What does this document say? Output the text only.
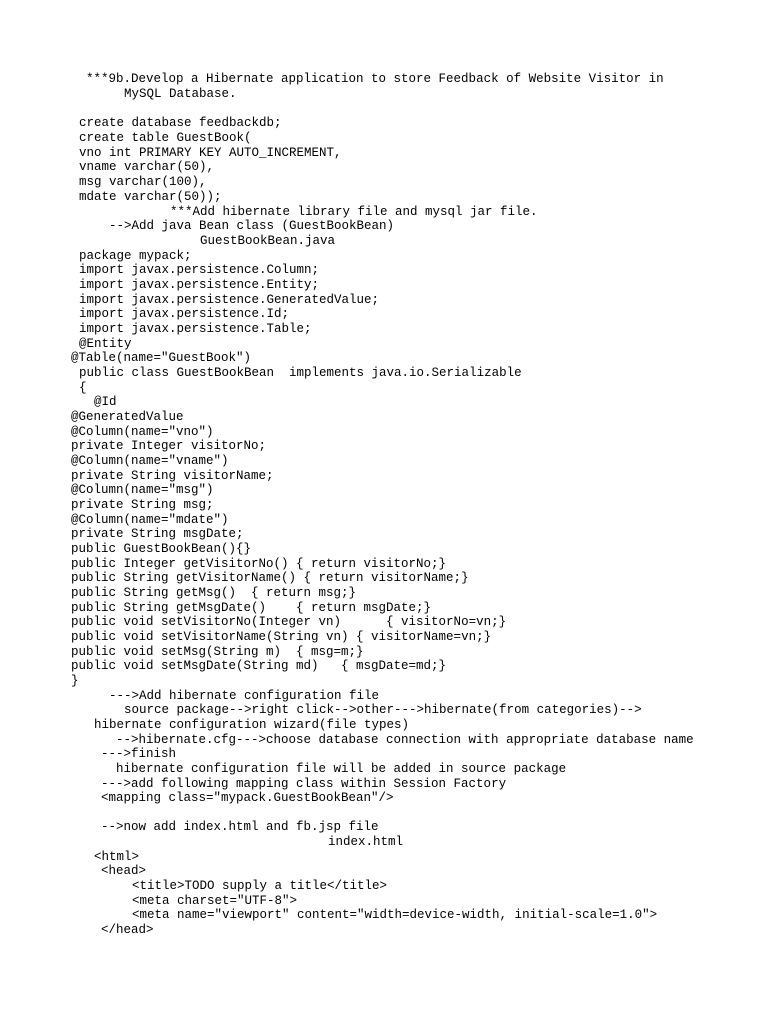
***9b.Develop a Hibernate application to store Feedback of Website Visitor in
MySQL Database.
create database feedbackdb;
create table GuestBook(
vno int PRIMARY KEY AUTO_INCREMENT,
vname varchar(50),
msg varchar(100),
mdate varchar(50));
***Add hibernate library file and mysql jar file.
-->Add java Bean class (GuestBookBean)
GuestBookBean.java
package mypack;
import javax.persistence.Column;
import javax.persistence.Entity;
import javax.persistence.GeneratedValue;
import javax.persistence.Id;
import javax.persistence.Table;
@Entity
@Table(name="GuestBook")
public class GuestBookBean  implements java.io.Serializable
{
@Id
@GeneratedValue
@Column(name="vno")
private Integer visitorNo;
@Column(name="vname")
private String visitorName;
@Column(name="msg")
private String msg;
@Column(name="mdate")
private String msgDate;
public GuestBookBean(){}
public Integer getVisitorNo() { return visitorNo;}
public String getVisitorName() { return visitorName;}
public String getMsg()  { return msg;}
public String getMsgDate()    { return msgDate;}
public void setVisitorNo(Integer vn)      { visitorNo=vn;}
public void setVisitorName(String vn) { visitorName=vn;}
public void setMsg(String m)  { msg=m;}
public void setMsgDate(String md)   { msgDate=md;}
}
--->Add hibernate configuration file
source package-->right click-->other--->hibernate(from categories)-->
hibernate configuration wizard(file types)
-->hibernate.cfg--->choose database connection with appropriate database name
--->finish
hibernate configuration file will be added in source package
--->add following mapping class within Session Factory
<mapping class="mypack.GuestBookBean"/>
-->now add index.html and fb.jsp file
index.html
<html>
<head>
<title>TODO supply a title</title>
<meta charset="UTF-8">
<meta name="viewport" content="width=device-width, initial-scale=1.0">
</head>
